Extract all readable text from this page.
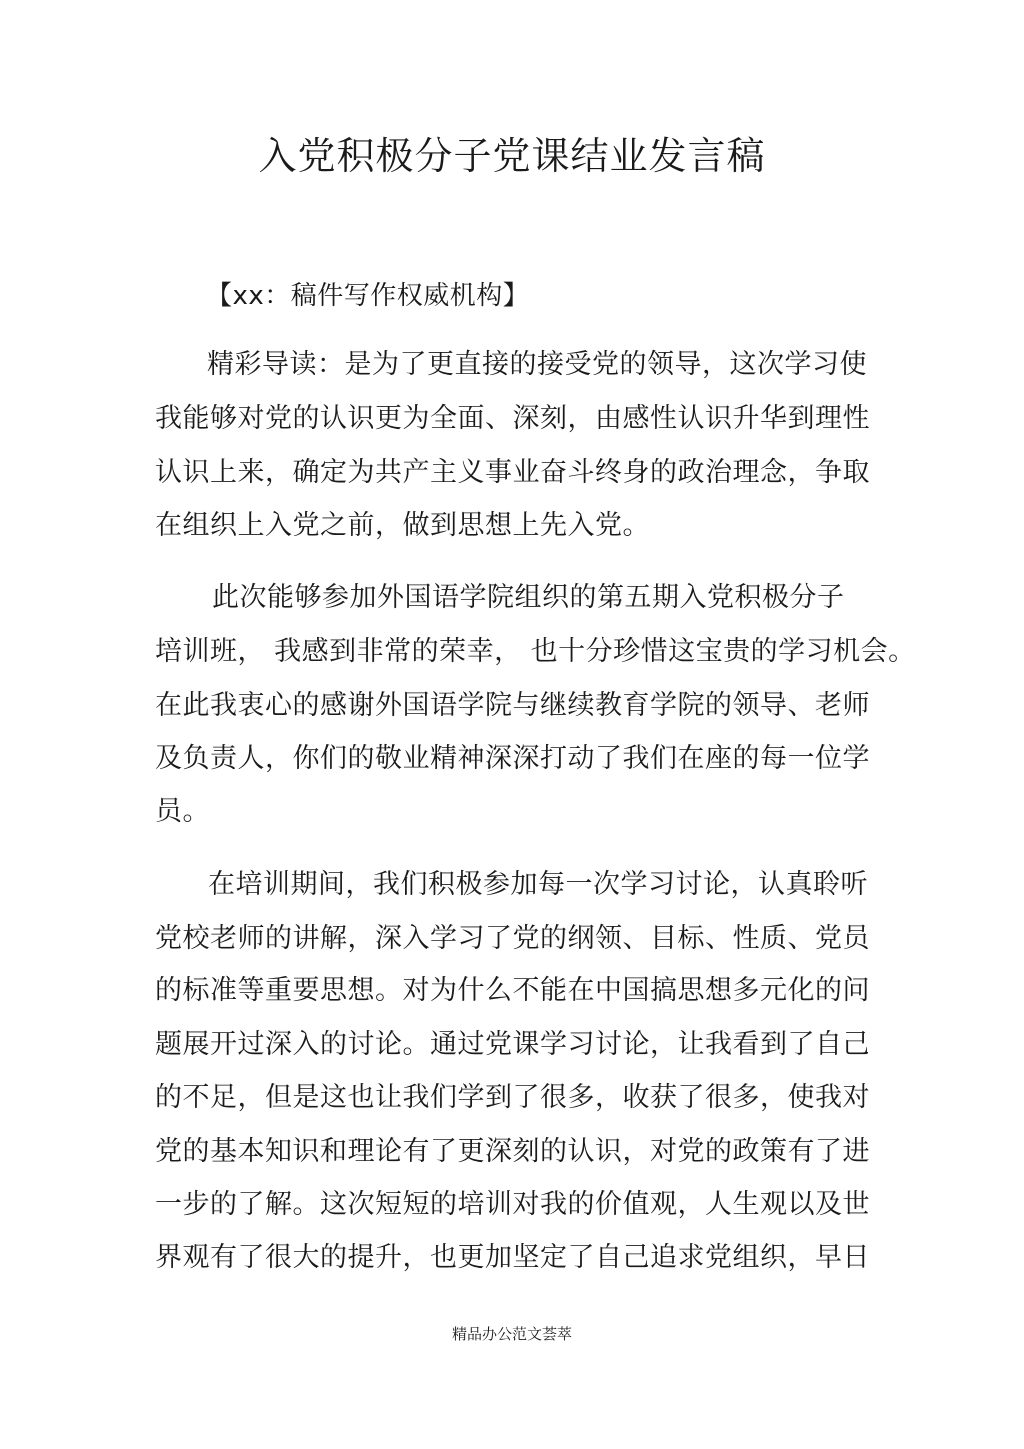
入党积极分子党课结业发言稿
【xx：稿件写作权威机构】
精彩导读：是为了更直接的接受党的领导，这次学习使
我能够对党的认识更为全面、深刻，由感性认识升华到理性
认识上来，确定为共产主义事业奋斗终身的政治理念，争取
在组织上入党之前，做到思想上先入党。
此次能够参加外国语学院组织的第五期入党积极分子
培训班， 我感到非常的荣幸， 也十分珍惜这宝贵的学习机会。
在此我衷心的感谢外国语学院与继续教育学院的领导、老师
及负责人，你们的敬业精神深深打动了我们在座的每一位学
员。
在培训期间，我们积极参加每一次学习讨论，认真聆听
党校老师的讲解，深入学习了党的纲领、目标、性质、党员
的标准等重要思想。对为什么不能在中国搞思想多元化的问
题展开过深入的讨论。通过党课学习讨论，让我看到了自己
的不足，但是这也让我们学到了很多，收获了很多，使我对
党的基本知识和理论有了更深刻的认识，对党的政策有了进
一步的了解。这次短短的培训对我的价值观，人生观以及世
界观有了很大的提升，也更加坚定了自己追求党组织，早日
精品办公范文荟萃
